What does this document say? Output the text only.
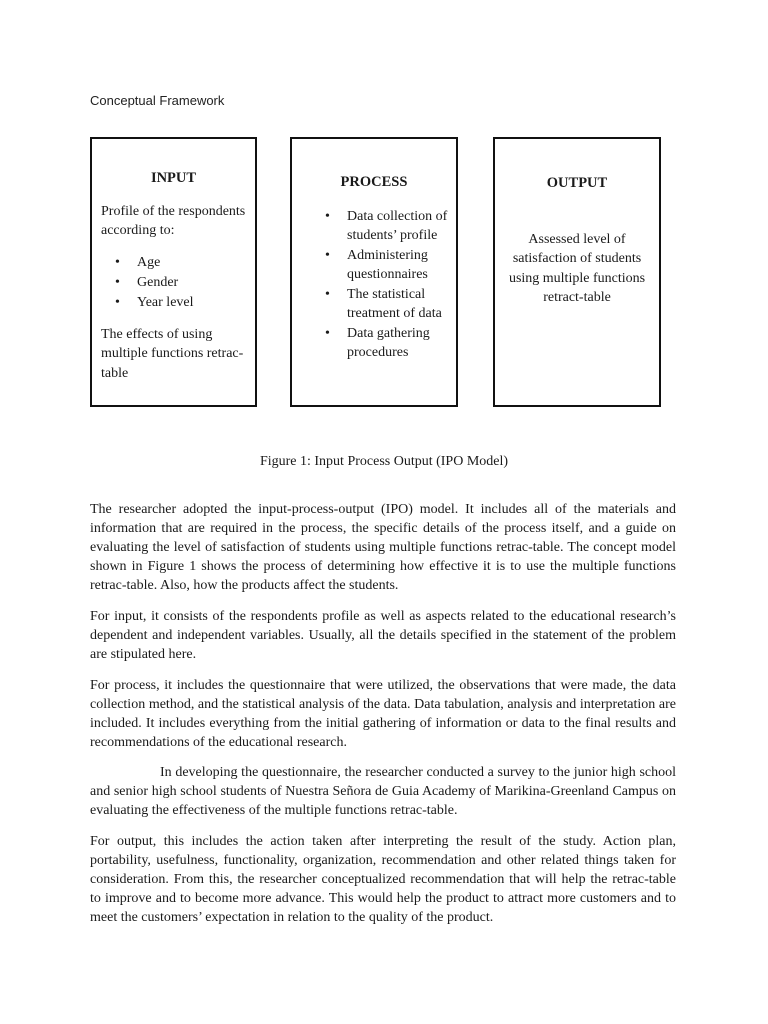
Conceptual Framework
INPUT
Profile of the respondents according to:
• Age
• Gender
• Year level
The effects of using multiple functions retrac-table
PROCESS
• Data collection of students’ profile
• Administering questionnaires
• The statistical treatment of data
• Data gathering procedures
OUTPUT
Assessed level of satisfaction of students using multiple functions retract-table
Figure 1: Input Process Output (IPO Model)

The researcher adopted the input-process-output (IPO) model. It includes all of the materials and information that are required in the process, the specific details of the process itself, and a guide on evaluating the level of satisfaction of students using multiple functions retrac-table. The concept model shown in Figure 1 shows the process of determining how effective it is to use the multiple functions retrac-table. Also, how the products affect the students.

For input, it consists of the respondents profile as well as aspects related to the educational research’s dependent and independent variables. Usually, all the details specified in the statement of the problem are stipulated here.

For process, it includes the questionnaire that were utilized, the observations that were made, the data collection method, and the statistical analysis of the data. Data tabulation, analysis and interpretation are included. It includes everything from the initial gathering of information or data to the final results and recommendations of the educational research.

In developing the questionnaire, the researcher conducted a survey to the junior high school and senior high school students of Nuestra Señora de Guia Academy of Marikina-Greenland Campus on evaluating the effectiveness of the multiple functions retrac-table.

For output, this includes the action taken after interpreting the result of the study. Action plan, portability, usefulness, functionality, organization, recommendation and other related things taken for consideration. From this, the researcher conceptualized recommendation that will help the retrac-table to improve and to become more advance. This would help the product to attract more customers and to meet the customers’ expectation in relation to the quality of the product.
